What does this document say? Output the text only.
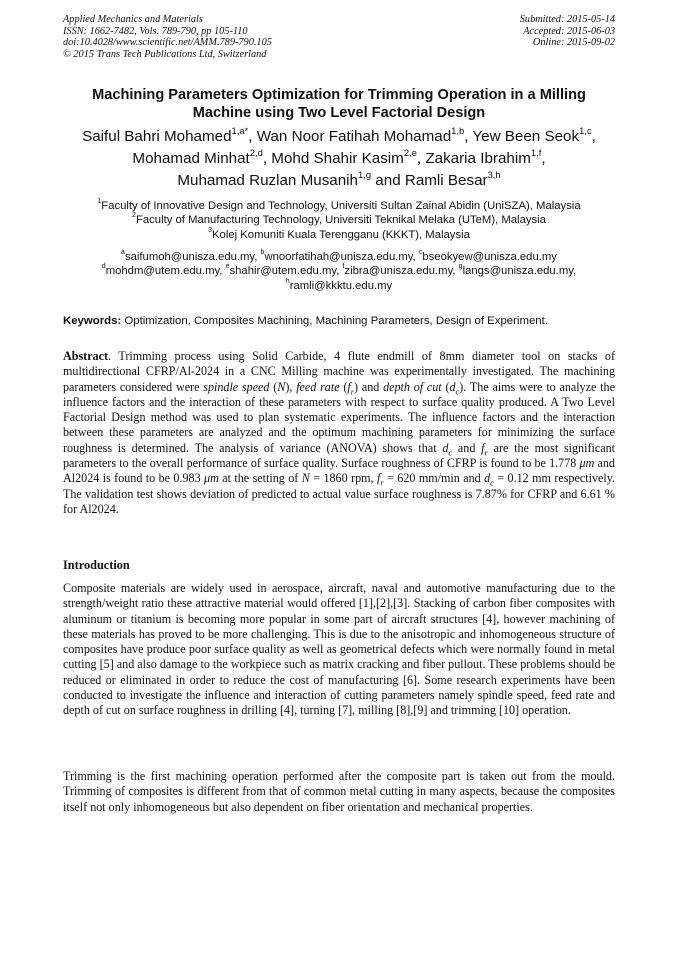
Applied Mechanics and Materials
ISSN: 1662-7482, Vols. 789-790, pp 105-110
doi:10.4028/www.scientific.net/AMM.789-790.105
© 2015 Trans Tech Publications Ltd, Switzerland
Submitted: 2015-05-14
Accepted: 2015-06-03
Online: 2015-09-02
Machining Parameters Optimization for Trimming Operation in a Milling
Machine using Two Level Factorial Design
Saiful Bahri Mohamed$^{1,a*}$, Wan Noor Fatihah Mohamad$^{1,b}$, Yew Been Seok$^{1,c}$,
Mohamad Minhat$^{2,d}$, Mohd Shahir Kasim$^{2,e}$, Zakaria Ibrahim$^{1,f}$,
Muhamad Ruzlan Musanih$^{1,g}$ and Ramli Besar$^{3,h}$
$^1$Faculty of Innovative Design and Technology, Universiti Sultan Zainal Abidin (UniSZA), Malaysia
$^2$Faculty of Manufacturing Technology, Universiti Teknikal Melaka (UTeM), Malaysia
$^3$Kolej Komuniti Kuala Terengganu (KKKT), Malaysia
$^a$saifumoh@unisza.edu.my, $^b$wnoorfatihah@unisza.edu.my, $^c$bseokyew@unisza.edu.my
$^d$mohdm@utem.edu.my, $^e$shahir@utem.edu.my, $^f$zibra@unisza.edu.my, $^g$langs@unisza.edu.my,
$^h$ramli@kkktu.edu.my
Keywords: Optimization, Composites Machining, Machining Parameters, Design of Experiment.
Abstract. Trimming process using Solid Carbide, 4 flute endmill of 8mm diameter tool on stacks of multidirectional CFRP/Al-2024 in a CNC Milling machine was experimentally investigated. The machining parameters considered were spindle speed (N), feed rate $(f_r)$ and depth of cut $(d_c)$. The aims were to analyze the influence factors and the interaction of these parameters with respect to surface quality produced. A Two Level Factorial Design method was used to plan systematic experiments. The influence factors and the interaction between these parameters are analyzed and the optimum machining parameters for minimizing the surface roughness is determined. The analysis of variance (ANOVA) shows that $d_c$ and $f_r$ are the most significant parameters to the overall performance of surface quality. Surface roughness of CFRP is found to be 1.778 μm and Al2024 is found to be 0.983 μm at the setting of N = 1860 rpm, $f_r = 620$ mm/min and $d_c = 0.12$ mm respectively. The validation test shows deviation of predicted to actual value surface roughness is 7.87% for CFRP and 6.61 % for Al2024.
Introduction
Composite materials are widely used in aerospace, aircraft, naval and automotive manufacturing due to the strength/weight ratio these attractive material would offered [1],[2],[3]. Stacking of carbon fiber composites with aluminum or titanium is becoming more popular in some part of aircraft structures [4], however machining of these materials has proved to be more challenging. This is due to the anisotropic and inhomogeneous structure of composites have produce poor surface quality as well as geometrical defects which were normally found in metal cutting [5] and also damage to the workpiece such as matrix cracking and fiber pullout. These problems should be reduced or eliminated in order to reduce the cost of manufacturing [6]. Some research experiments have been conducted to investigate the influence and interaction of cutting parameters namely spindle speed, feed rate and depth of cut on surface roughness in drilling [4], turning [7], milling [8],[9] and trimming [10] operation.
Trimming is the first machining operation performed after the composite part is taken out from the mould. Trimming of composites is different from that of common metal cutting in many aspects, because the composites itself not only inhomogeneous but also dependent on fiber orientation and mechanical properties.
